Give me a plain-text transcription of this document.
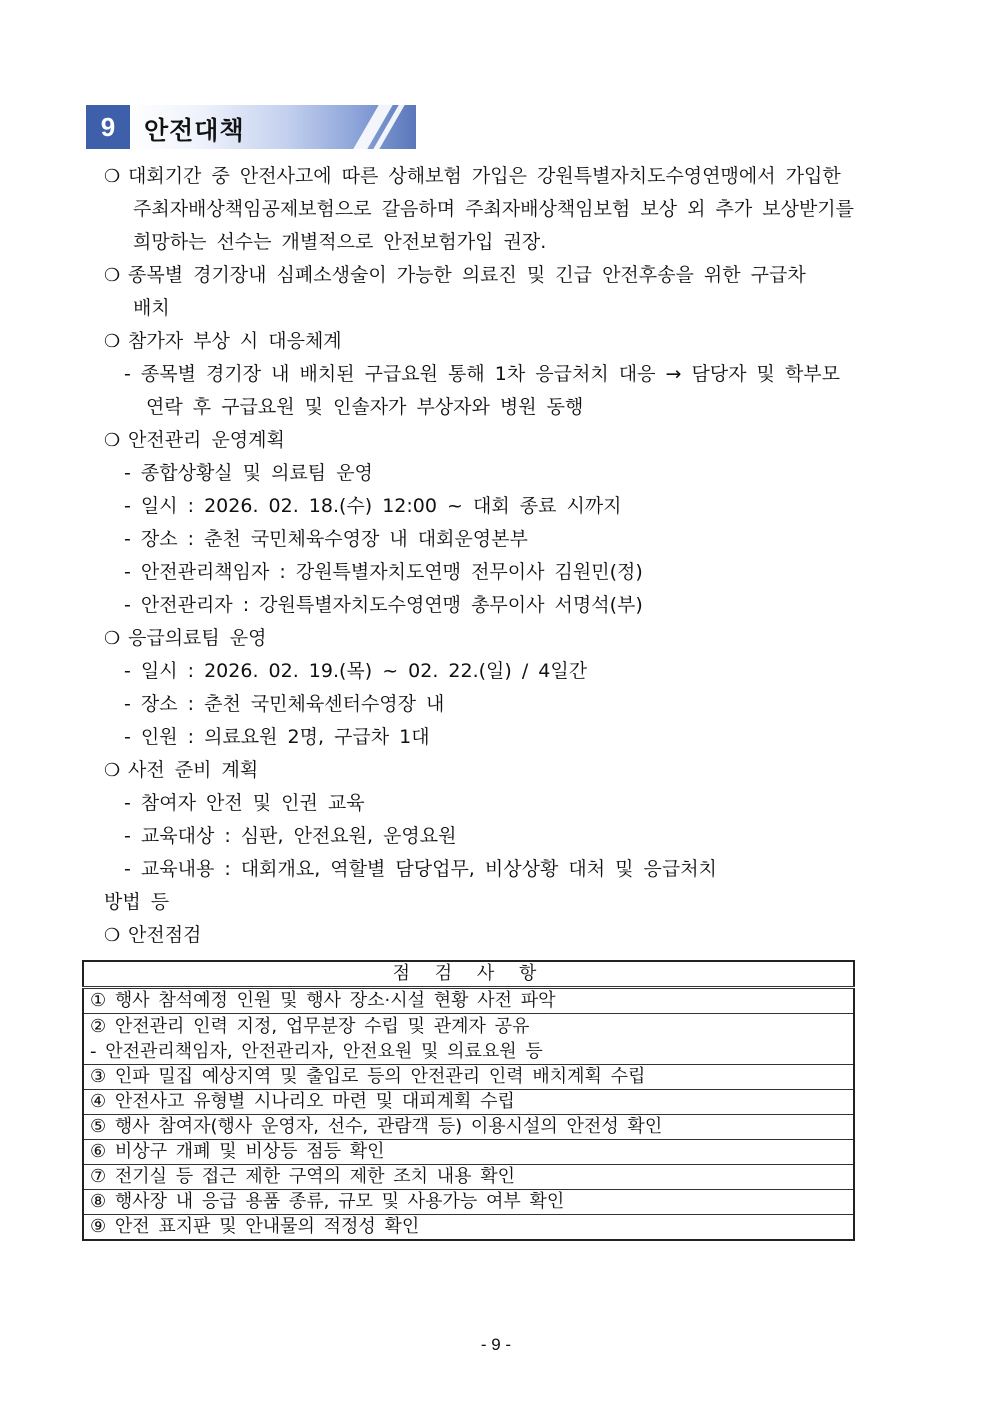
9	안전대책
❍ 대회기간 중 안전사고에 따른 상해보험 가입은 강원특별자치도수영연맹에서 가입한
주최자배상책임공제보험으로 갈음하며 주최자배상책임보험 보상 외 추가 보상받기를
희망하는 선수는 개별적으로 안전보험가입 권장.
❍ 종목별 경기장내 심폐소생술이 가능한 의료진 및 긴급 안전후송을 위한 구급차
배치
❍ 참가자 부상 시 대응체계
- 종목별 경기장 내 배치된 구급요원 통해 1차 응급처치 대응 → 담당자 및 학부모
연락 후 구급요원 및 인솔자가 부상자와 병원 동행
❍ 안전관리 운영계획
- 종합상황실 및 의료팀 운영
- 일시 : 2026. 02. 18.(수) 12:00 ~ 대회 종료 시까지
- 장소 : 춘천 국민체육수영장 내 대회운영본부
- 안전관리책임자 : 강원특별자치도연맹 전무이사 김원민(정)
- 안전관리자 : 강원특별자치도수영연맹 총무이사 서명석(부)
❍ 응급의료팀 운영
- 일시 : 2026. 02. 19.(목) ~ 02. 22.(일) / 4일간
- 장소 : 춘천 국민체육센터수영장 내
- 인원 : 의료요원 2명, 구급차 1대
❍ 사전 준비 계획
- 참여자 안전 및 인권 교육
- 교육대상 : 심판, 안전요원, 운영요원
- 교육내용 : 대회개요, 역할별 담당업무, 비상상황 대처 및 응급처치
방법 등
❍ 안전점검
점 검 사 항
① 행사 참석예정 인원 및 행사 장소·시설 현황 사전 파악
② 안전관리 인력 지정, 업무분장 수립 및 관계자 공유
- 안전관리책임자, 안전관리자, 안전요원 및 의료요원 등
③ 인파 밀집 예상지역 및 출입로 등의 안전관리 인력 배치계획 수립
④ 안전사고 유형별 시나리오 마련 및 대피계획 수립
⑤ 행사 참여자(행사 운영자, 선수, 관람객 등) 이용시설의 안전성 확인
⑥ 비상구 개폐 및 비상등 점등 확인
⑦ 전기실 등 접근 제한 구역의 제한 조치 내용 확인
⑧ 행사장 내 응급 용품 종류, 규모 및 사용가능 여부 확인
⑨ 안전 표지판 및 안내물의 적정성 확인
- 9 -
